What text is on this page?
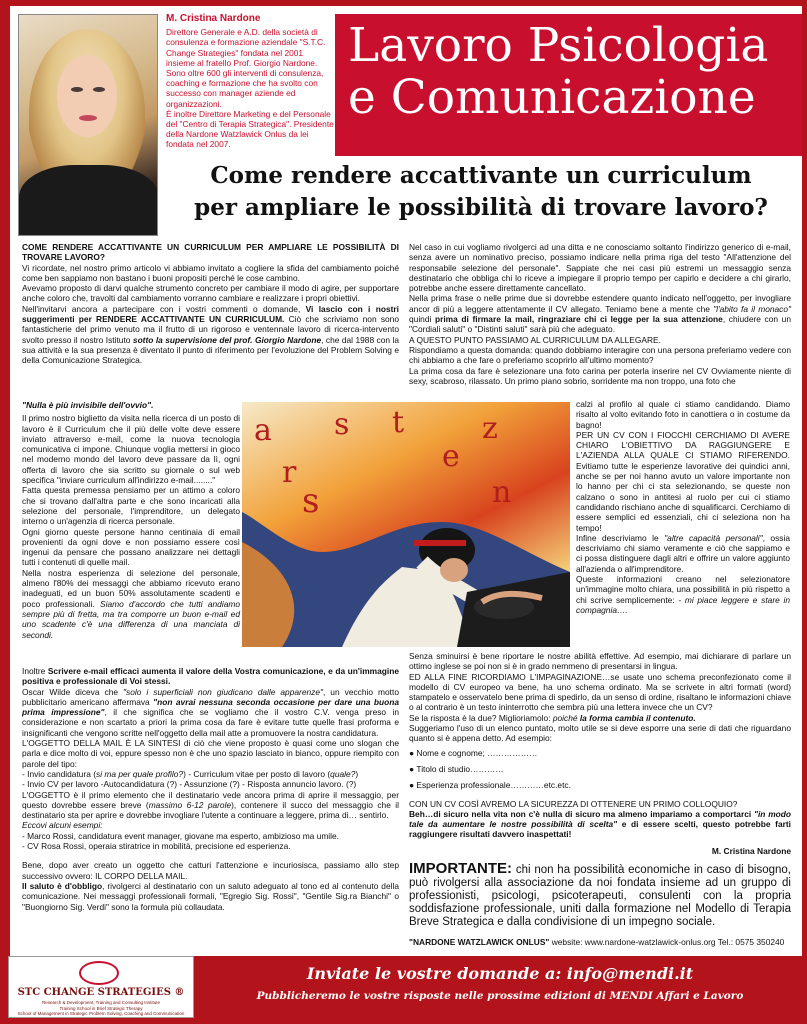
M. Cristina Nardone
Direttore Generale e A.D. della società di consulenza e formazione aziendale "S.T.C. Change Strategies" fondata nel 2001 insieme al fratello Prof. Giorgio Nardone. Sono oltre 600 gli interventi di consulenza, coaching e formazione che ha svolto con successo con manager aziende ed organizzazioni.
È inoltre Direttore Marketing e del Personale del "Centro di Terapia Strategica". Presidente della Nardone Watzlawick Onlus da lei fondata nel 2007.
Lavoro Psicologia
e Comunicazione
Come rendere accattivante un curriculum
per ampliare le possibilità di trovare lavoro?

COME RENDERE ACCATTIVANTE UN CURRICULUM PER AMPLIARE LE POSSIBILITÀ DI TROVARE LAVORO?

Vi ricordate, nel nostro primo articolo vi abbiamo invitato a cogliere la sfida del cambiamento poiché come ben sappiamo non bastano i buoni propositi perché le cose cambino.

Avevamo proposto di darvi qualche strumento concreto per cambiare il modo di agire, per supportare anche coloro che, travolti dal cambiamento vorranno cambiare e realizzare i propri obiettivi.

Nell'invitarvi ancora a partecipare con i vostri commenti o domande, Vi lascio con i nostri suggerimenti per RENDERE ACCATTIVANTE UN CURRICULUM. Ciò che scriviamo non sono fantasticherie del primo venuto ma il frutto di un rigoroso e ventennale lavoro di ricerca-intervento svolto presso il nostro Istituto sotto la supervisione del prof. Giorgio Nardone, che dal 1988 con la sua attività e la sua presenza è diventato il punto di riferimento per l'evoluzione del Problem Solving e della Comunicazione Strategica.

"Nulla è più invisibile dell'ovvio".

Il primo nostro biglietto da visita nella ricerca di un posto di lavoro è il Curriculum che il più delle volte deve essere inviato attraverso e-mail, come la nuova tecnologia comunicativa ci impone. Chiunque voglia mettersi in gioco nel moderno mondo del lavoro deve passare da lì, ogni offerta di lavoro che sia scritto su giornale o sul web specifica "inviare curriculum all'indirizzo e-mail........"

Fatta questa premessa pensiamo per un attimo a coloro che si trovano dall'altra parte e che sono incaricati alla selezione del personale, l'imprenditore, un delegato interno o un'agenzia di ricerca personale.

Ogni giorno queste persone hanno centinaia di email provenienti da ogni dove e non possiamo essere così ingenui da pensare che possano analizzare nei dettagli tutti i contenuti di quelle mail.

Nella nostra esperienza di selezione del personale, almeno l'80% dei messaggi che abbiamo ricevuto erano inadeguati, ed un buon 50% assolutamente scadenti e poco professionali. Siamo d'accordo che tutti andiamo sempre più di fretta, ma tra comporre un buon e-mail ed uno scadente c'è una differenza di una manciata di secondi.

Inoltre Scrivere e-mail efficaci aumenta il valore della Vostra comunicazione, e da un'immagine positiva e professionale di Voi stessi.

Oscar Wilde diceva che "solo i superficiali non giudicano dalle apparenze", un vecchio motto pubblicitario americano affermava "non avrai nessuna seconda occasione per dare una buona prima impressione", il che significa che se vogliamo che il vostro C.V. venga preso in considerazione e non scartato a priori la prima cosa da fare è evitare tutte quelle frasi proforma e insignificanti che vengono scritte nell'oggetto della mail atte a promuovere la nostra candidatura.

L'OGGETTO DELLA MAIL È LA SINTESI di ciò che viene proposto è quasi come uno slogan che parla e dice molto di voi, eppure spesso non è che uno spazio lasciato in bianco, oppure riempito con parole del tipo:

- Invio candidatura (si ma per quale profilo?) - Curriculum vitae per posto di lavoro (quale?)

- Invio CV per lavoro -Autocandidatura (?) - Assunzione (?) - Risposta annuncio lavoro. (?)

L'OGGETTO è il primo elemento che il destinatario vede ancora prima di aprire il messaggio, per questo dovrebbe essere breve (massimo 6-12 parole), contenere il succo del messaggio che il destinatario sta per aprire e dovrebbe invogliare l'utente a continuare a leggere, prima di… sentirlo.

Eccovi alcuni esempi:

- Marco Rossi, candidatura event manager, giovane ma esperto, ambizioso ma umile.

- CV Rosa Rossi, operaia stiratrice in mobilità, precisione ed esperienza.

Bene, dopo aver creato un oggetto che catturi l'attenzione e incuriosisca, passiamo allo step successivo ovvero: IL CORPO DELLA MAIL.

Il saluto è d'obbligo, rivolgerci al destinatario con un saluto adeguato al tono ed al contenuto della comunicazione. Nei messaggi professionali formali, "Egregio Sig. Rossi", "Gentile Sig.ra Bianchi" o "Buongiorno Sig. Verdi" sono la formula più collaudata.

a s t
r
z
e
s	n

Nel caso in cui vogliamo rivolgerci ad una ditta e ne conosciamo soltanto l'indirizzo generico di e-mail, senza avere un nominativo preciso, possiamo indicare nella prima riga del testo "All'attenzione del responsabile selezione del personale". Sappiate che nei casi più estremi un messaggio senza destinatario che obbliga chi lo riceve a impiegare il proprio tempo per capirlo e decidere a chi girarlo, potrebbe anche essere direttamente cancellato.

Nella prima frase o nelle prime due si dovrebbe estendere quanto indicato nell'oggetto, per invogliare ancor di più a leggere attentamente il CV allegato. Teniamo bene a mente che "l'abito fa il monaco" quindi prima di firmare la mail, ringraziare chi ci legge per la sua attenzione, chiudere con un "Cordiali saluti" o "Distinti saluti" sarà più che adeguato.

A QUESTO PUNTO PASSIAMO AL CURRICULUM DA ALLEGARE.

Rispondiamo a questa domanda: quando dobbiamo interagire con una persona preferiamo vedere con chi abbiamo a che fare o preferiamo scoprirlo all'ultimo momento?

La prima cosa da fare è selezionare una foto carina per poterla inserire nel CV Ovviamente niente di sexy, scabroso, rilassato. Un primo piano sobrio, sorridente ma non troppo, una foto che

calzi al profilo al quale ci stiamo candidando. Diamo risalto al volto evitando foto in canottiera o in costume da bagno!

PER UN CV CON I FIOCCHI CERCHIAMO DI AVERE CHIARO L'OBIETTIVO DA RAGGIUNGERE E L'AZIENDA ALLA QUALE CI STIAMO RIFERENDO. Evitiamo tutte le esperienze lavorative dei quindici anni, anche se per noi hanno avuto un valore importante non lo hanno per chi ci sta selezionando, se queste non calzano o sono in antitesi al ruolo per cui ci stiamo candidando rischiano anche di squalificarci. Cerchiamo di essere semplici ed essenziali, chi ci seleziona non ha tempo!

Infine descriviamo le "altre capacità personali", ossia descriviamo chi siamo veramente e ciò che sappiamo e ci possa distinguere dagli altri e offrire un valore aggiunto all'azienda o all'imprenditore.

Queste informazioni creano nel selezionatore un'immagine molto chiara, una possibilità in più rispetto a chi scrive semplicemente: - mi piace leggere e stare in compagnia….

Senza sminuirsi è bene riportare le nostre abilità effettive. Ad esempio, mai dichiarare di parlare un ottimo inglese se poi non si è in grado nemmeno di presentarsi in lingua.

ED ALLA FINE RICORDIAMO L'IMPAGINAZIONE…se usate uno schema preconfezionato come il modello di CV europeo va bene, ha uno schema ordinato. Ma se scrivete in altri formati (word) stampatelo e osservatelo bene prima di spedirlo, da un senso di ordine, risaltano le informazioni chiave o al contrario è un testo ininterrotto che sembra più una lettera invece che un CV?

Se la risposta è la due? Miglioriamolo: poiché la forma cambia il contenuto.

Suggeriamo l'uso di un elenco puntato, molto utile se si deve esporre una serie di dati che riguardano quanto si è appena detto. Ad esempio:

● Nome e cognome; ………………

● Titolo di studio…………

● Esperienza professionale…………etc.etc.

CON UN CV COSÌ AVREMO LA SICUREZZA DI OTTENERE UN PRIMO COLLOQUIO?

Beh…di sicuro nella vita non c'è nulla di sicuro ma almeno impariamo a comportarci "in modo tale da aumentare le nostre possibilità di scelta" e di essere scelti, questo potrebbe farti raggiungere risultati davvero inaspettati!

M. Cristina Nardone

IMPORTANTE: chi non ha possibilità economiche in caso di bisogno, può rivolgersi alla associazione da noi fondata insieme ad un gruppo di professionisti, psicologi, psicoterapeuti, consulenti con la propria soddisfazione professionale, uniti dalla formazione nel Modello di Terapia Breve Strategica e dalla condivisione di un impegno sociale.

"NARDONE WATZLAWICK ONLUS" website: www.nardone-watzlawick-onlus.org Tel.: 0575 350240

STC CHANGE STRATEGIES ®
Research & Development, Training and Consulting Institute
Training School in Brief Strategic Therapy
School of Management in Strategic Problem Solving, Coaching and Communication
Inviate le vostre domande a: info@mendi.it
Pubblicheremo le vostre risposte nelle prossime edizioni di MENDI Affari e Lavoro
